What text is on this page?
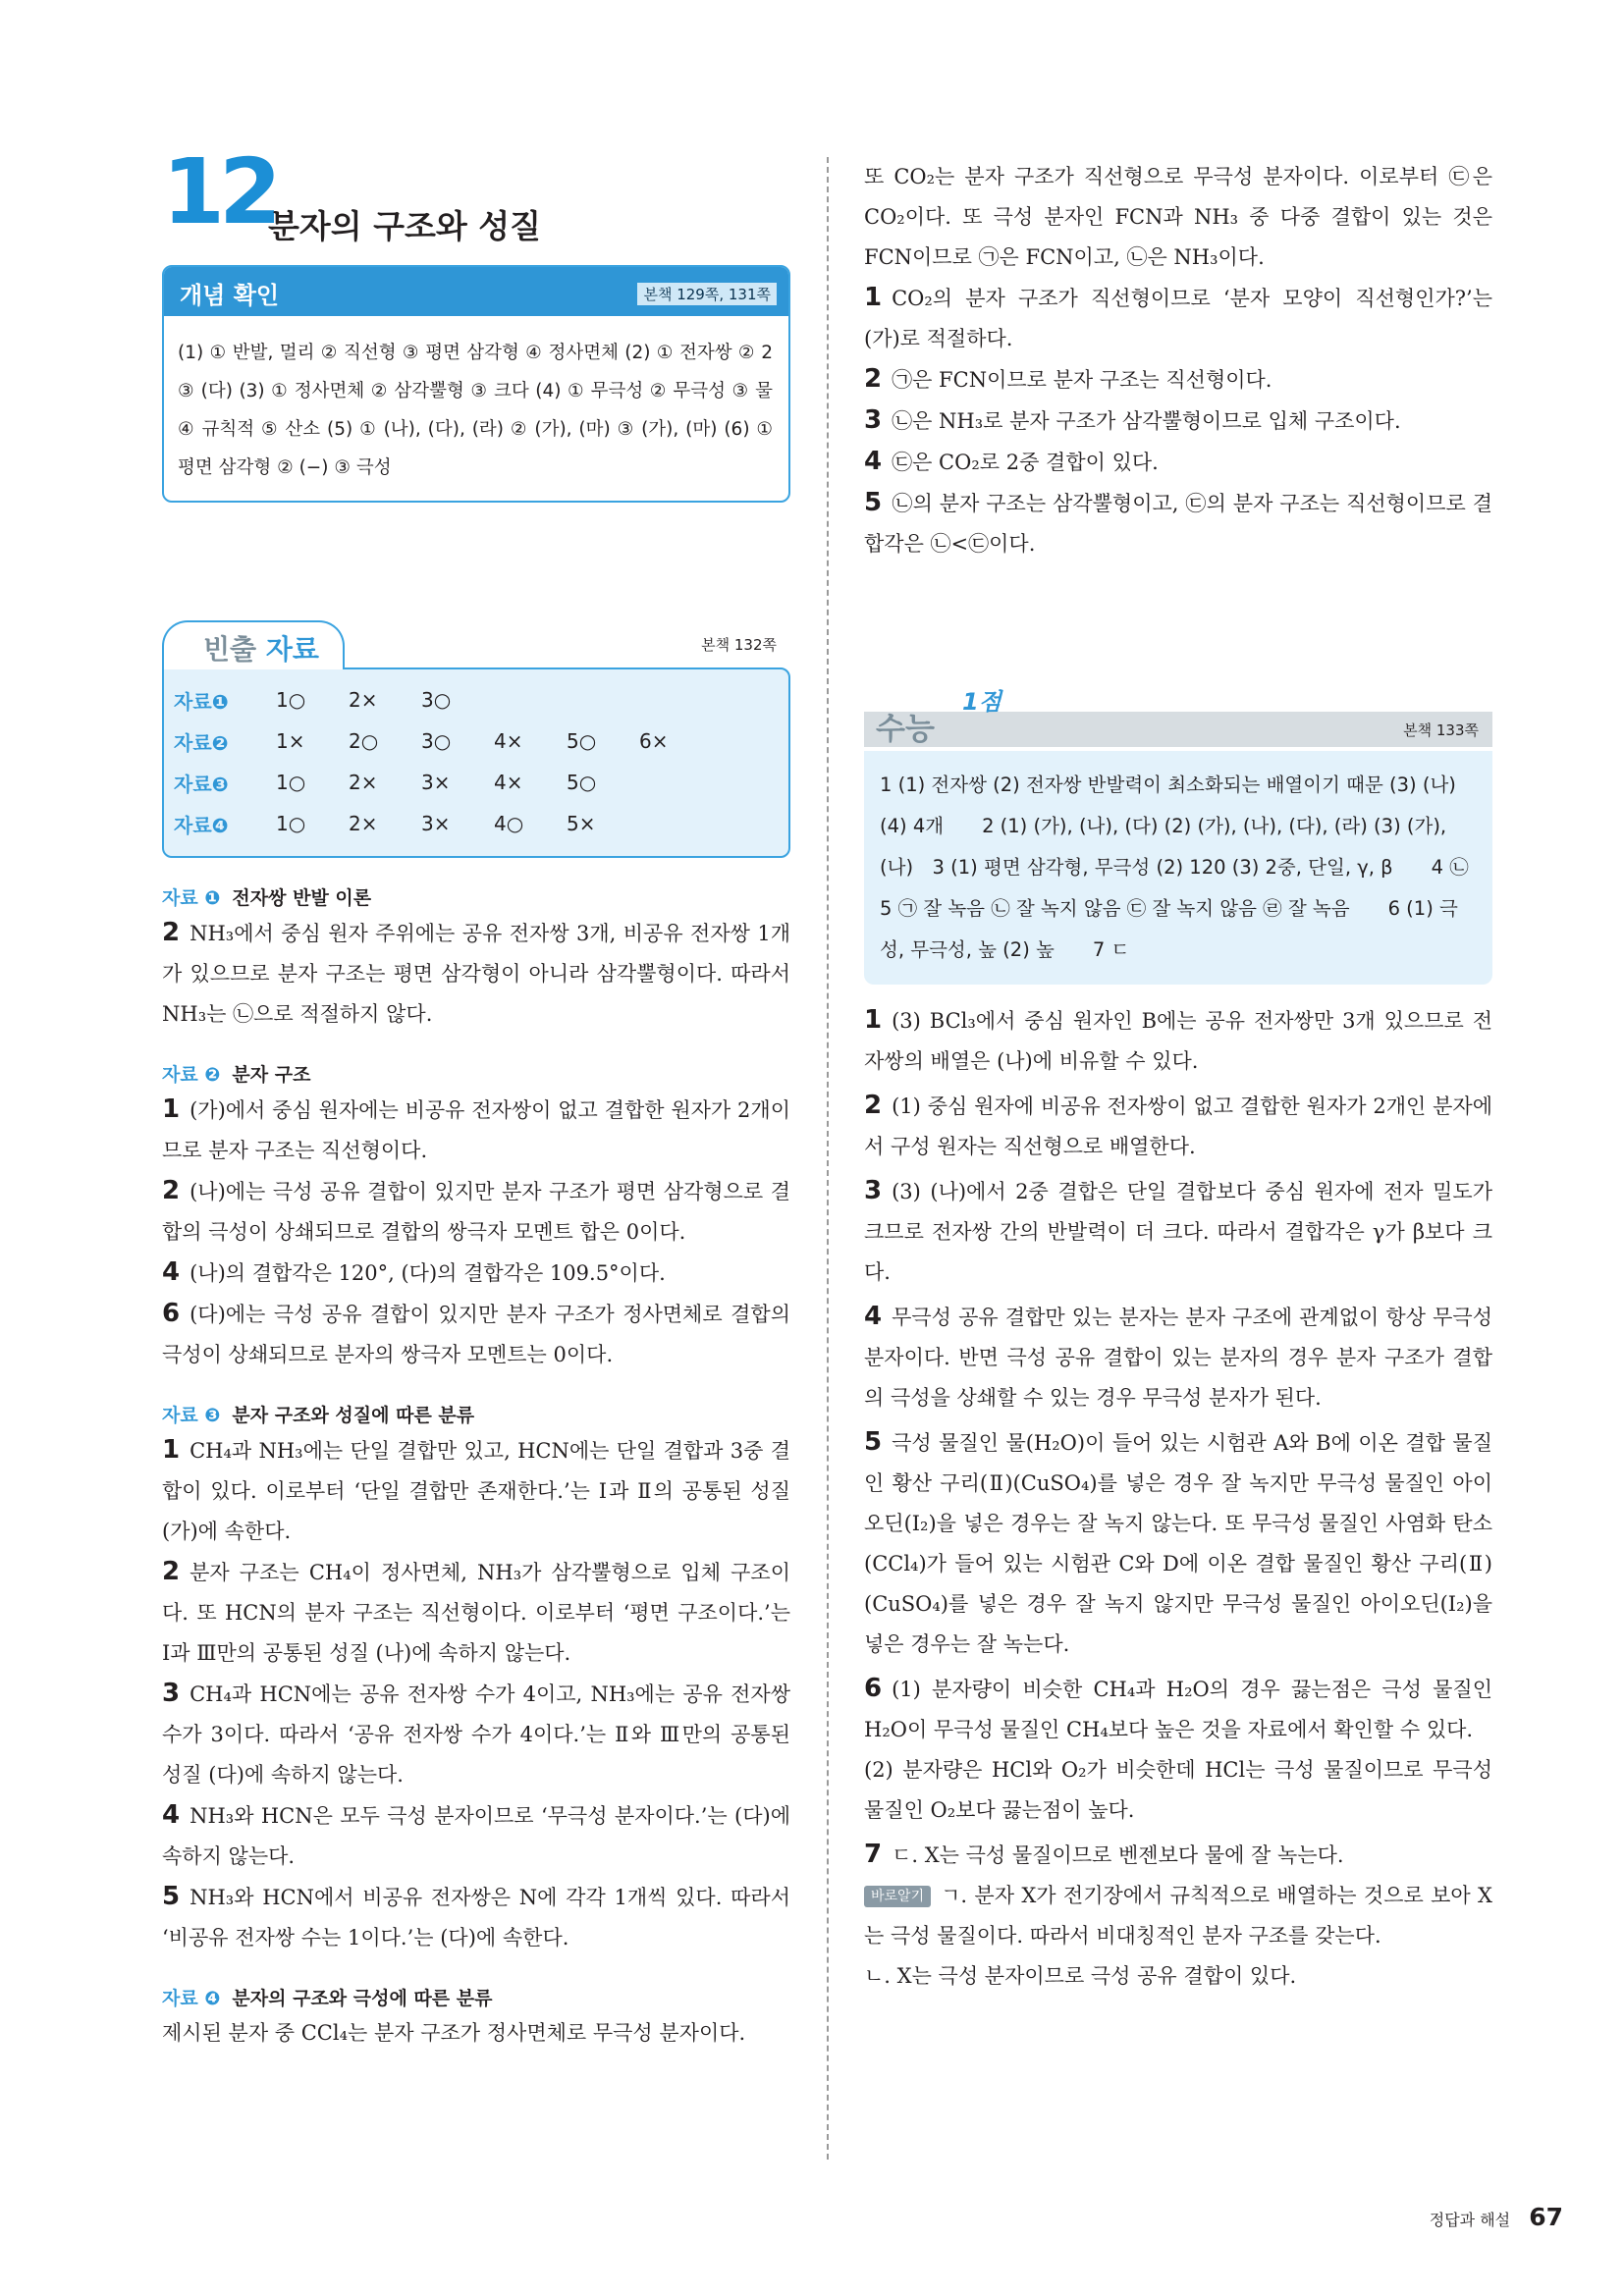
12
분자의 구조와 성질
개념 확인	본책 129쪽, 131쪽
(1) ① 반발, 멀리 ② 직선형 ③ 평면 삼각형 ④ 정사면체 (2) ① 전자쌍 ② 2 ③ (다) (3) ① 정사면체 ② 삼각뿔형 ③ 크다 (4) ① 무극성 ② 무극성 ③ 물 ④ 규칙적 ⑤ 산소 (5) ① (나), (다), (라) ② (가), (마) ③ (가), (마) (6) ① 평면 삼각형 ② (−) ③ 극성
빈출 자료	본책 132쪽
자료❶	1○	2×	3○
자료❷	1×	2○	3○	4×	5○	6×
자료❸	1○	2×	3×	4×	5○
자료❹	1○	2×	3×	4○	5×
자료 ❶ 전자쌍 반발 이론

2 NH₃에서 중심 원자 주위에는 공유 전자쌍 3개, 비공유 전자쌍 1개가 있으므로 분자 구조는 평면 삼각형이 아니라 삼각뿔형이다. 따라서 NH₃는 ㉡으로 적절하지 않다.

자료 ❷ 분자 구조

1 (가)에서 중심 원자에는 비공유 전자쌍이 없고 결합한 원자가 2개이므로 분자 구조는 직선형이다.

2 (나)에는 극성 공유 결합이 있지만 분자 구조가 평면 삼각형으로 결합의 극성이 상쇄되므로 결합의 쌍극자 모멘트 합은 0이다.

4 (나)의 결합각은 120°, (다)의 결합각은 109.5°이다.

6 (다)에는 극성 공유 결합이 있지만 분자 구조가 정사면체로 결합의 극성이 상쇄되므로 분자의 쌍극자 모멘트는 0이다.

자료 ❸ 분자 구조와 성질에 따른 분류

1 CH₄과 NH₃에는 단일 결합만 있고, HCN에는 단일 결합과 3중 결합이 있다. 이로부터 ‘단일 결합만 존재한다.’는 Ⅰ과 Ⅱ의 공통된 성질 (가)에 속한다.

2 분자 구조는 CH₄이 정사면체, NH₃가 삼각뿔형으로 입체 구조이다. 또 HCN의 분자 구조는 직선형이다. 이로부터 ‘평면 구조이다.’는 Ⅰ과 Ⅲ만의 공통된 성질 (나)에 속하지 않는다.

3 CH₄과 HCN에는 공유 전자쌍 수가 4이고, NH₃에는 공유 전자쌍 수가 3이다. 따라서 ‘공유 전자쌍 수가 4이다.’는 Ⅱ와 Ⅲ만의 공통된 성질 (다)에 속하지 않는다.

4 NH₃와 HCN은 모두 극성 분자이므로 ‘무극성 분자이다.’는 (다)에 속하지 않는다.

5 NH₃와 HCN에서 비공유 전자쌍은 N에 각각 1개씩 있다. 따라서 ‘비공유 전자쌍 수는 1이다.’는 (다)에 속한다.

자료 ❹ 분자의 구조와 극성에 따른 분류

제시된 분자 중 CCl₄는 분자 구조가 정사면체로 무극성 분자이다.

또 CO₂는 분자 구조가 직선형으로 무극성 분자이다. 이로부터 ㉢은 CO₂이다. 또 극성 분자인 FCN과 NH₃ 중 다중 결합이 있는 것은 FCN이므로 ㉠은 FCN이고, ㉡은 NH₃이다.

1 CO₂의 분자 구조가 직선형이므로 ‘분자 모양이 직선형인가?’는 (가)로 적절하다.

2 ㉠은 FCN이므로 분자 구조는 직선형이다.

3 ㉡은 NH₃로 분자 구조가 삼각뿔형이므로 입체 구조이다.

4 ㉢은 CO₂로 2중 결합이 있다.

5 ㉡의 분자 구조는 삼각뿔형이고, ㉢의 분자 구조는 직선형이므로 결합각은 ㉡<㉢이다.

수능
1점
본책 133쪽
1 (1) 전자쌍 (2) 전자쌍 반발력이 최소화되는 배열이기 때문 (3) (나) (4) 4개　　2 (1) (가), (나), (다) (2) (가), (나), (다), (라) (3) (가), (나)　3 (1) 평면 삼각형, 무극성 (2) 120 (3) 2중, 단일, γ, β　　4 ㉡　　5 ㉠ 잘 녹음 ㉡ 잘 녹지 않음 ㉢ 잘 녹지 않음 ㉣ 잘 녹음　　6 (1) 극성, 무극성, 높 (2) 높　　7 ㄷ

1 (3) BCl₃에서 중심 원자인 B에는 공유 전자쌍만 3개 있으므로 전자쌍의 배열은 (나)에 비유할 수 있다.

2 (1) 중심 원자에 비공유 전자쌍이 없고 결합한 원자가 2개인 분자에서 구성 원자는 직선형으로 배열한다.

3 (3) (나)에서 2중 결합은 단일 결합보다 중심 원자에 전자 밀도가 크므로 전자쌍 간의 반발력이 더 크다. 따라서 결합각은 γ가 β보다 크다.

4 무극성 공유 결합만 있는 분자는 분자 구조에 관계없이 항상 무극성 분자이다. 반면 극성 공유 결합이 있는 분자의 경우 분자 구조가 결합의 극성을 상쇄할 수 있는 경우 무극성 분자가 된다.

5 극성 물질인 물(H₂O)이 들어 있는 시험관 A와 B에 이온 결합 물질인 황산 구리(Ⅱ)(CuSO₄)를 넣은 경우 잘 녹지만 무극성 물질인 아이오딘(I₂)을 넣은 경우는 잘 녹지 않는다. 또 무극성 물질인 사염화 탄소(CCl₄)가 들어 있는 시험관 C와 D에 이온 결합 물질인 황산 구리(Ⅱ)(CuSO₄)를 넣은 경우 잘 녹지 않지만 무극성 물질인 아이오딘(I₂)을 넣은 경우는 잘 녹는다.

6 (1) 분자량이 비슷한 CH₄과 H₂O의 경우 끓는점은 극성 물질인 H₂O이 무극성 물질인 CH₄보다 높은 것을 자료에서 확인할 수 있다.

(2) 분자량은 HCl와 O₂가 비슷한데 HCl는 극성 물질이므로 무극성 물질인 O₂보다 끓는점이 높다.

7 ㄷ. X는 극성 물질이므로 벤젠보다 물에 잘 녹는다.

바로알기 ㄱ. 분자 X가 전기장에서 규칙적으로 배열하는 것으로 보아 X는 극성 물질이다. 따라서 비대칭적인 분자 구조를 갖는다.

ㄴ. X는 극성 분자이므로 극성 공유 결합이 있다.

정답과 해설 67
